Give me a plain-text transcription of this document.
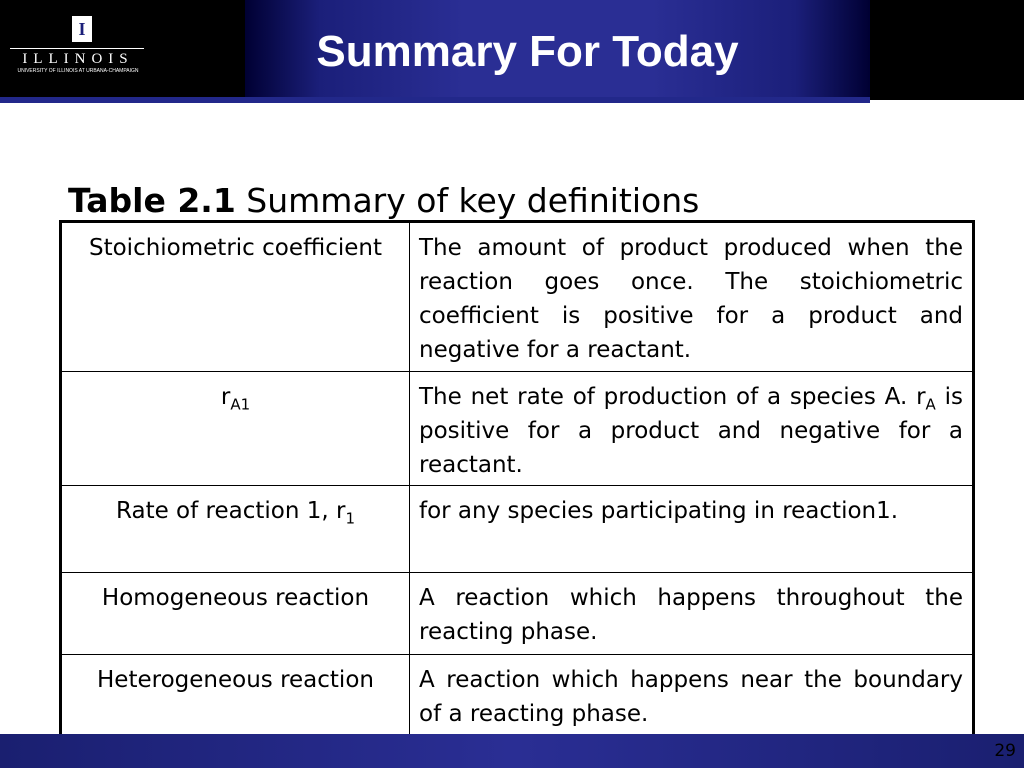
I
ILLINOIS
UNIVERSITY OF ILLINOIS AT URBANA-CHAMPAIGN	Summary For Today

Table 2.1 Summary of key definitions

Stoichiometric coefficient	The amount of product produced when the reaction goes once. The stoichiometric coefficient is positive for a product and negative for a reactant.
$r_{A1}$	The net rate of production of a species A. $r_A$ is positive for a product and negative for a reactant.
Rate of reaction 1, $r_1$	for any species participating in reaction1.
Homogeneous reaction	A reaction which happens throughout the reacting phase.
Heterogeneous reaction	A reaction which happens near the boundary of a reacting phase.
29
